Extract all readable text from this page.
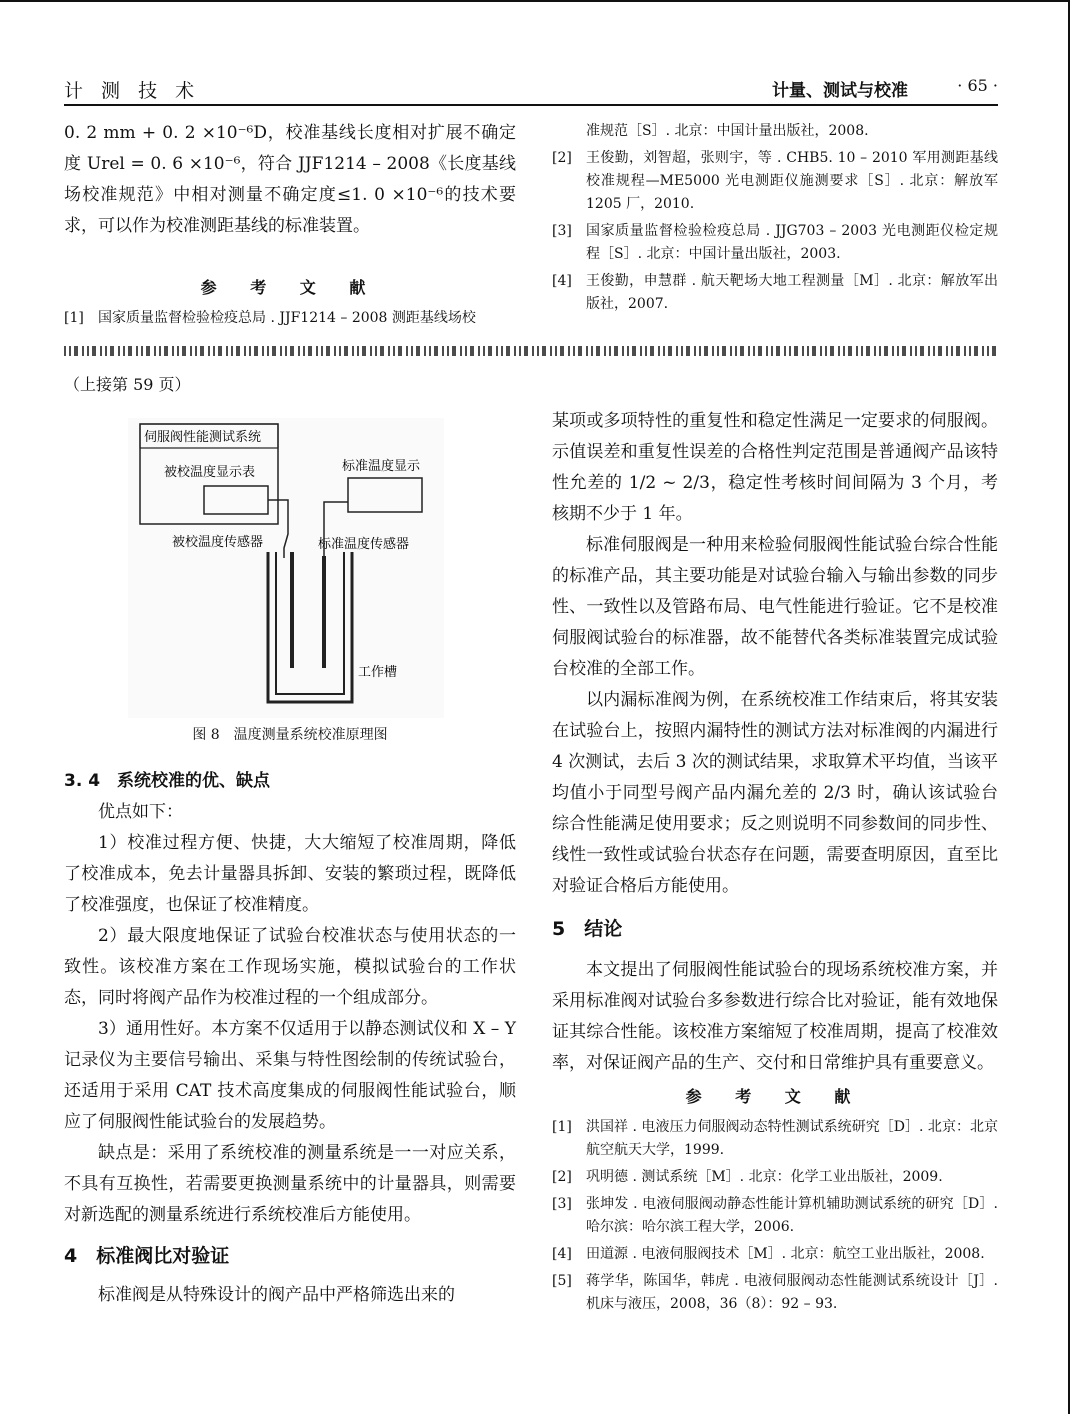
计 测 技 术	计量、测试与校准	· 65 ·

0. 2 mm + 0. 2 ×10⁻⁶D，校准基线长度相对扩展不确定度 Urel = 0. 6 ×10⁻⁶，符合 JJF1214 – 2008《长度基线场校准规范》中相对测量不确定度≤1. 0 ×10⁻⁶的技术要求，可以作为校准测距基线的标准装置。

参 考 文 献
[1] 国家质量监督检验检疫总局 . JJF1214 – 2008 测距基线场校
准规范［S］. 北京：中国计量出版社，2008.
[2] 王俊勤，刘智超，张则宇，等 . CHB5. 10 – 2010 军用测距基线校准规程—ME5000 光电测距仪施测要求［S］. 北京：解放军 1205 厂，2010.
[3] 国家质量监督检验检疫总局 . JJG703 – 2003 光电测距仪检定规程［S］. 北京：中国计量出版社，2003.
[4] 王俊勤，申慧群 . 航天靶场大地工程测量［M］. 北京：解放军出版社，2007.
（上接第 59 页）
伺服阀性能测试系统
被校温度显示表	标准温度显示
被校温度传感器	标准温度传感器
工作槽
图 8　温度测量系统校准原理图
3. 4　系统校准的优、缺点

优点如下：

1）校准过程方便、快捷，大大缩短了校准周期，降低了校准成本，免去计量器具拆卸、安装的繁琐过程，既降低了校准强度，也保证了校准精度。

2）最大限度地保证了试验台校准状态与使用状态的一致性。该校准方案在工作现场实施，模拟试验台的工作状态，同时将阀产品作为校准过程的一个组成部分。

3）通用性好。本方案不仅适用于以静态测试仪和 X – Y 记录仪为主要信号输出、采集与特性图绘制的传统试验台，还适用于采用 CAT 技术高度集成的伺服阀性能试验台，顺应了伺服阀性能试验台的发展趋势。

缺点是：采用了系统校准的测量系统是一一对应关系，不具有互换性，若需要更换测量系统中的计量器具，则需要对新选配的测量系统进行系统校准后方能使用。

4　标准阀比对验证

标准阀是从特殊设计的阀产品中严格筛选出来的

某项或多项特性的重复性和稳定性满足一定要求的伺服阀。示值误差和重复性误差的合格性判定范围是普通阀产品该特性允差的 1/2 ~ 2/3，稳定性考核时间间隔为 3 个月，考核期不少于 1 年。

标准伺服阀是一种用来检验伺服阀性能试验台综合性能的标准产品，其主要功能是对试验台输入与输出参数的同步性、一致性以及管路布局、电气性能进行验证。它不是校准伺服阀试验台的标准器，故不能替代各类标准装置完成试验台校准的全部工作。

以内漏标准阀为例，在系统校准工作结束后，将其安装在试验台上，按照内漏特性的测试方法对标准阀的内漏进行 4 次测试，去后 3 次的测试结果，求取算术平均值，当该平均值小于同型号阀产品内漏允差的 2/3 时，确认该试验台综合性能满足使用要求；反之则说明不同参数间的同步性、线性一致性或试验台状态存在问题，需要查明原因，直至比对验证合格后方能使用。

5　结论

本文提出了伺服阀性能试验台的现场系统校准方案，并采用标准阀对试验台多参数进行综合比对验证，能有效地保证其综合性能。该校准方案缩短了校准周期，提高了校准效率，对保证阀产品的生产、交付和日常维护具有重要意义。

参 考 文 献
[1] 洪国祥 . 电液压力伺服阀动态特性测试系统研究［D］. 北京：北京航空航天大学，1999.
[2] 巩明德 . 测试系统［M］. 北京：化学工业出版社，2009.
[3] 张坤发 . 电液伺服阀动静态性能计算机辅助测试系统的研究［D］. 哈尔滨：哈尔滨工程大学，2006.
[4] 田道源 . 电液伺服阀技术［M］. 北京：航空工业出版社，2008.
[5] 蒋学华，陈国华，韩虎 . 电液伺服阀动态性能测试系统设计［J］. 机床与液压，2008，36（8）：92 – 93.
